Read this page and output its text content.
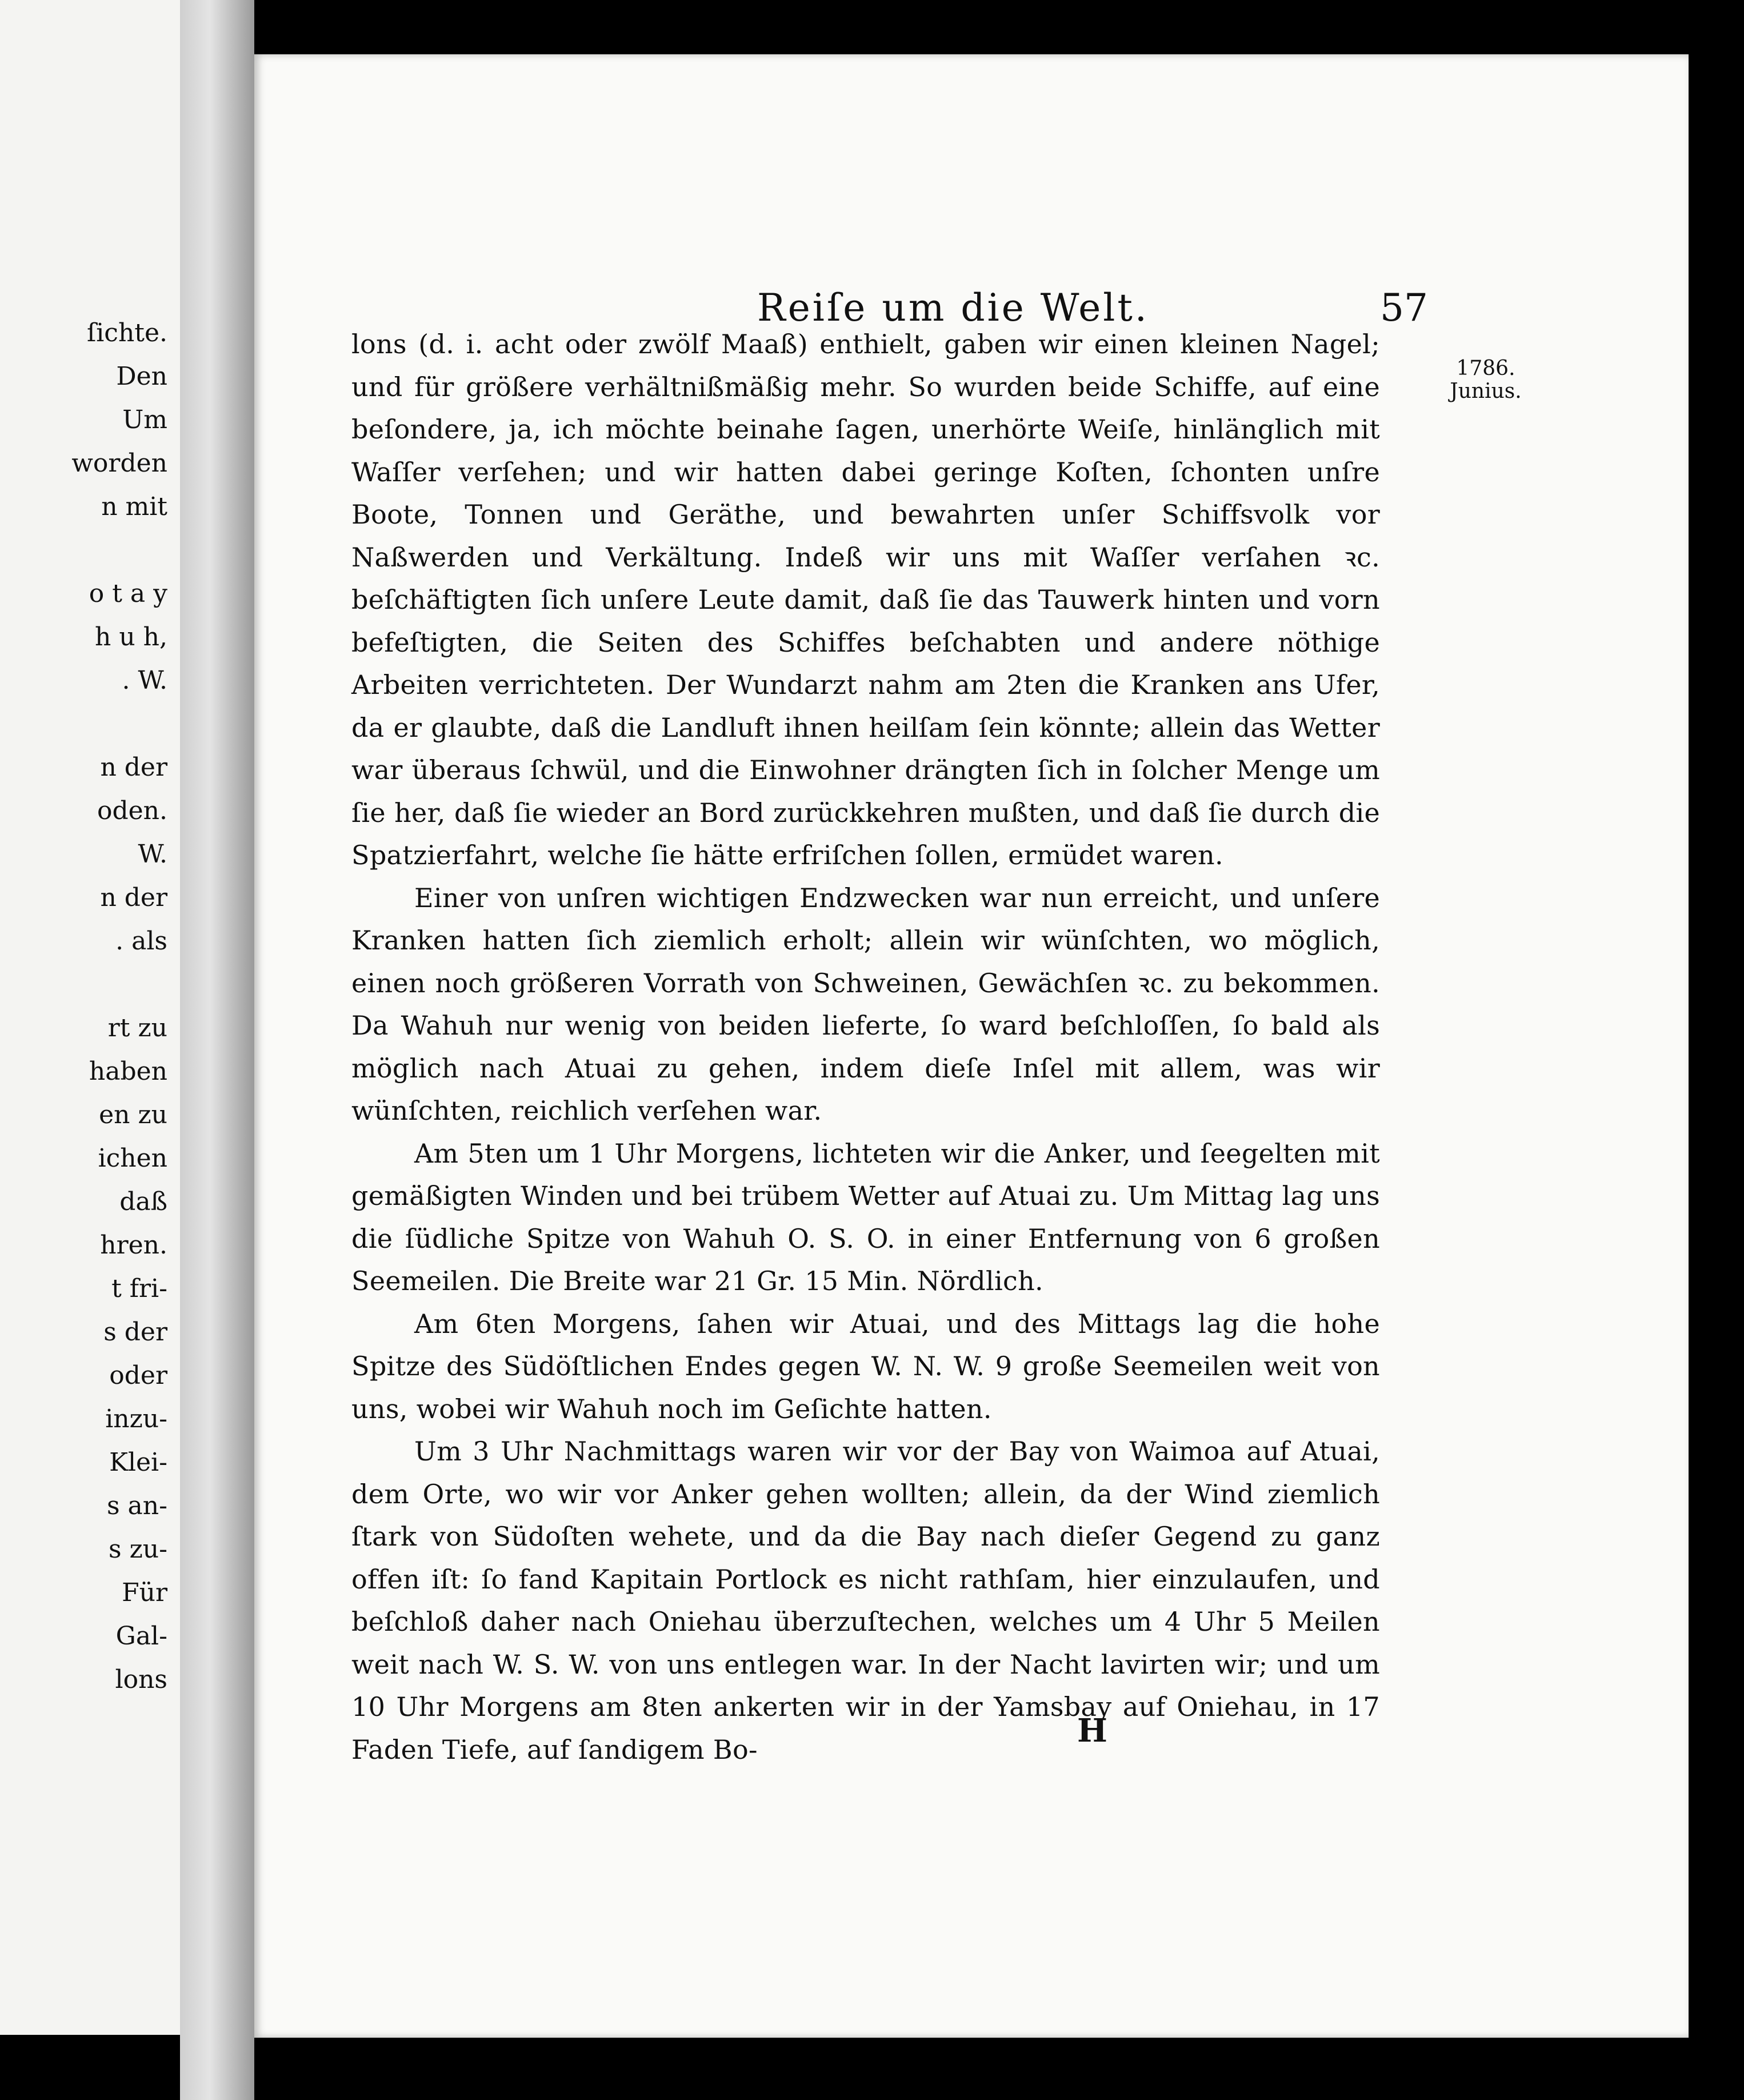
ſichte.
Den
Um
worden
n mit
o t a y
h u h,
. W.
n der
oden.
W.
n der
. als
rt zu
haben
en zu
ichen
daß
hren.
t fri-
s der
oder
inzu-
Klei-
s an-
s zu-
Für
Gal-
lons
Reiſe um die Welt.	57
1786.
Junius.

lons (d. i. acht oder zwölf Maaß) enthielt, gaben wir einen kleinen Nagel; und für größere verhältnißmäßig mehr. So wurden beide Schiffe, auf eine beſondere, ja, ich möchte beinahe ſagen, unerhörte Weiſe, hinlänglich mit Waſſer verſehen; und wir hatten dabei geringe Koſten, ſchonten unſre Boote, Tonnen und Geräthe, und bewahrten unſer Schiffsvolk vor Naßwerden und Verkältung. Indeß wir uns mit Waſſer verſahen ꝛc. beſchäftigten ſich unſere Leute damit, daß ſie das Tauwerk hinten und vorn befeſtigten, die Seiten des Schiffes beſchabten und andere nöthige Arbeiten verrichteten. Der Wundarzt nahm am 2ten die Kranken ans Ufer, da er glaubte, daß die Landluft ihnen heilſam ſein könnte; allein das Wetter war überaus ſchwül, und die Einwohner drängten ſich in ſolcher Menge um ſie her, daß ſie wieder an Bord zurückkehren mußten, und daß ſie durch die Spatzierfahrt, welche ſie hätte erfriſchen ſollen, ermüdet waren.

Einer von unſren wichtigen Endzwecken war nun erreicht, und unſere Kranken hatten ſich ziemlich erholt; allein wir wünſchten, wo möglich, einen noch größeren Vorrath von Schweinen, Gewächſen ꝛc. zu bekommen. Da Wahuh nur wenig von beiden lieferte, ſo ward beſchloſſen, ſo bald als möglich nach Atuai zu gehen, indem dieſe Inſel mit allem, was wir wünſchten, reichlich verſehen war.

Am 5ten um 1 Uhr Morgens, lichteten wir die Anker, und ſeegelten mit gemäßigten Winden und bei trübem Wetter auf Atuai zu. Um Mittag lag uns die ſüdliche Spitze von Wahuh O. S. O. in einer Entfernung von 6 großen Seemeilen. Die Breite war 21 Gr. 15 Min. Nördlich.

Am 6ten Morgens, ſahen wir Atuai, und des Mittags lag die hohe Spitze des Südöſtlichen Endes gegen W. N. W. 9 große Seemeilen weit von uns, wobei wir Wahuh noch im Geſichte hatten.

Um 3 Uhr Nachmittags waren wir vor der Bay von Waimoa auf Atuai, dem Orte, wo wir vor Anker gehen wollten; allein, da der Wind ziemlich ſtark von Südoſten wehete, und da die Bay nach dieſer Gegend zu ganz offen iſt: ſo fand Kapitain Portlock es nicht rathſam, hier einzulaufen, und beſchloß daher nach Oniehau überzuſtechen, welches um 4 Uhr 5 Meilen weit nach W. S. W. von uns entlegen war. In der Nacht lavirten wir; und um 10 Uhr Morgens am 8ten ankerten wir in der Yamsbay auf Oniehau, in 17 Faden Tiefe, auf ſandigem Bo-	H
